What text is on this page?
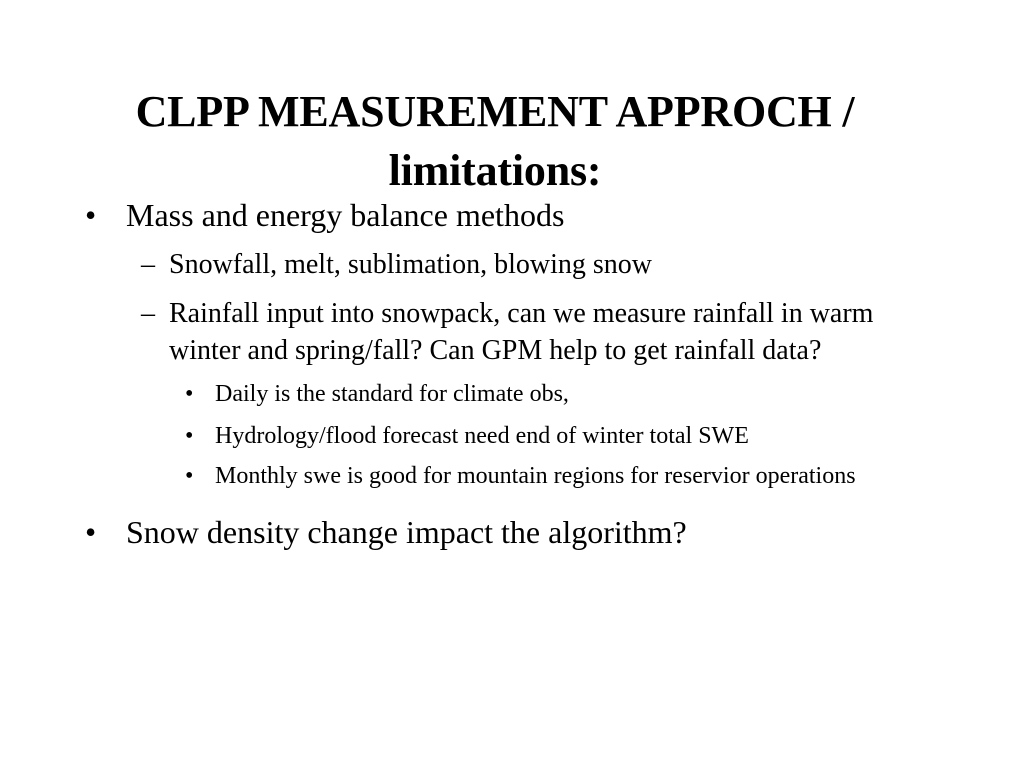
CLPP MEASUREMENT APPROCH / limitations:
• Mass and energy balance methods
– Snowfall, melt, sublimation, blowing snow
– Rainfall input into snowpack, can we measure rainfall in warm winter and spring/fall? Can GPM help to get rainfall data?
• Daily is the standard for climate obs,
• Hydrology/flood forecast need end of winter total SWE
• Monthly swe is good for mountain regions for reservior operations
• Snow density change impact the algorithm?
